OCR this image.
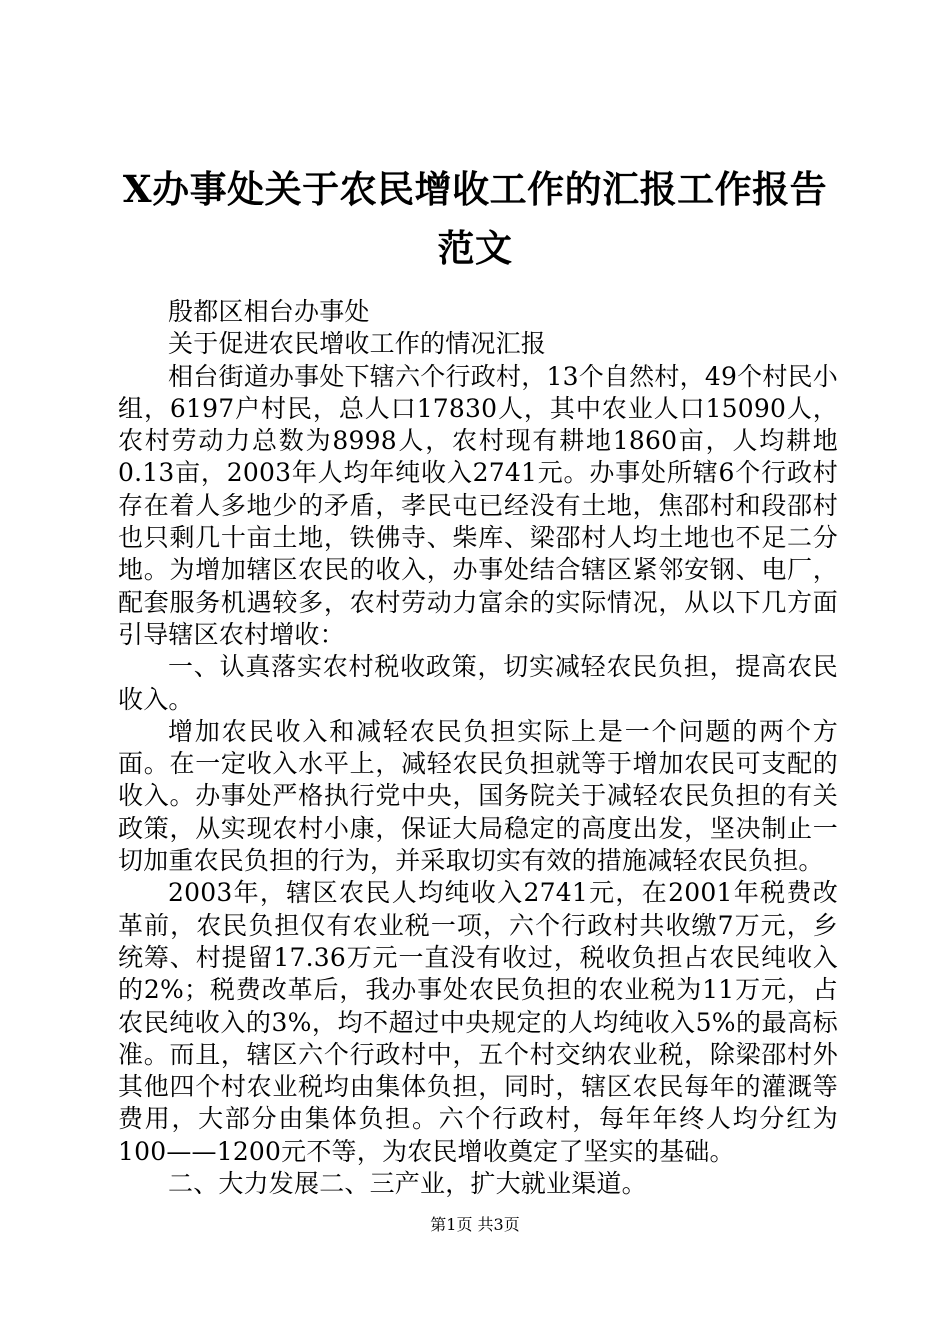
X办事处关于农民增收工作的汇报工作报告范文

殷都区相台办事处

关于促进农民增收工作的情况汇报

相台街道办事处下辖六个行政村，13个自然村，49个村民小组，6197户村民，总人口17830人，其中农业人口15090人，农村劳动力总数为8998人，农村现有耕地1860亩，人均耕地0.13亩，2003年人均年纯收入2741元。办事处所辖6个行政村存在着人多地少的矛盾，孝民屯已经没有土地，焦邵村和段邵村也只剩几十亩土地，铁佛寺、柴库、梁邵村人均土地也不足二分地。为增加辖区农民的收入，办事处结合辖区紧邻安钢、电厂，配套服务机遇较多，农村劳动力富余的实际情况，从以下几方面引导辖区农村增收：

一、认真落实农村税收政策，切实减轻农民负担，提高农民收入。

增加农民收入和减轻农民负担实际上是一个问题的两个方面。在一定收入水平上，减轻农民负担就等于增加农民可支配的收入。办事处严格执行党中央，国务院关于减轻农民负担的有关政策，从实现农村小康，保证大局稳定的高度出发，坚决制止一切加重农民负担的行为，并采取切实有效的措施减轻农民负担。

2003年，辖区农民人均纯收入2741元，在2001年税费改革前，农民负担仅有农业税一项，六个行政村共收缴7万元，乡统筹、村提留17.36万元一直没有收过，税收负担占农民纯收入的2%；税费改革后，我办事处农民负担的农业税为11万元，占农民纯收入的3%，均不超过中央规定的人均纯收入5%的最高标准。而且，辖区六个行政村中，五个村交纳农业税，除梁邵村外其他四个村农业税均由集体负担，同时，辖区农民每年的灌溉等费用，大部分由集体负担。六个行政村，每年年终人均分红为100——1200元不等，为农民增收奠定了坚实的基础。

二、大力发展二、三产业，扩大就业渠道。

第1页 共3页
